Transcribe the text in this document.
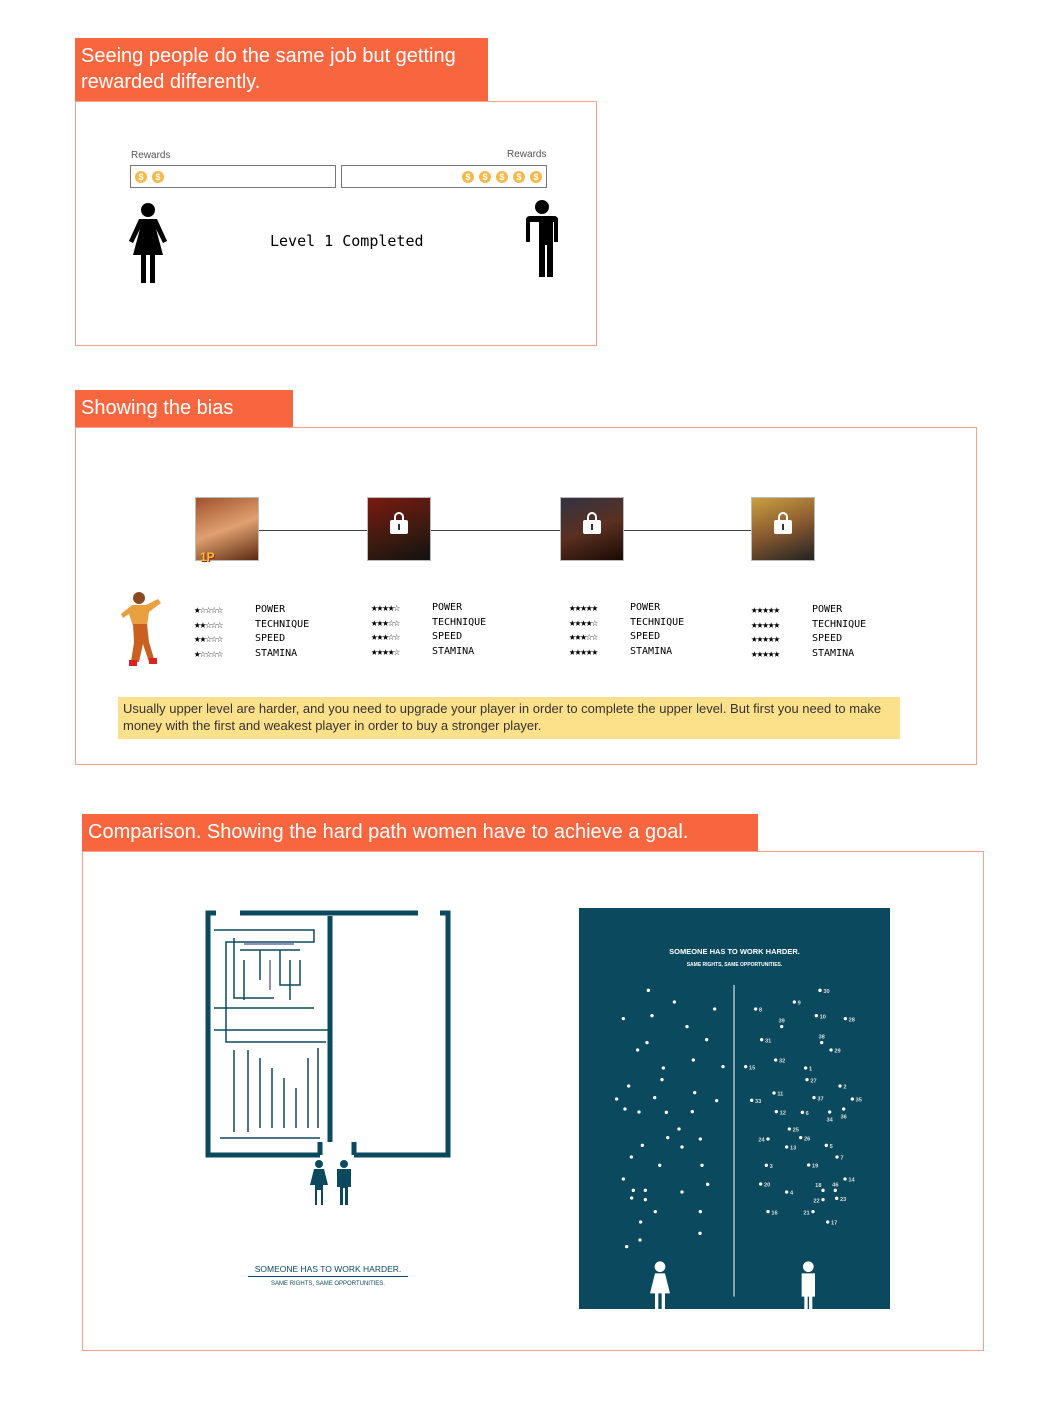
Seeing people do the same job but getting rewarded differently.
Rewards	Rewards
$	$	$	$	$	$	$
Level 1 Completed
Showing the bias
1P
★☆☆☆☆	POWER
★★☆☆☆	TECHNIQUE
★★☆☆☆	SPEED
★☆☆☆☆	STAMINA
★★★★☆	POWER
★★★☆☆	TECHNIQUE
★★★☆☆	SPEED
★★★★☆	STAMINA
★★★★★	POWER
★★★★☆	TECHNIQUE
★★★☆☆	SPEED
★★★★★	STAMINA
★★★★★	POWER
★★★★★	TECHNIQUE
★★★★★	SPEED
★★★★★	STAMINA
Usually upper level are harder, and you need to upgrade your player in order to complete the upper level. But first you need to make money with the first and weakest player in order to buy a stronger player.
Comparison. Showing the hard path women have to achieve a goal.
SOMEONE HAS TO WORK HARDER.
SAME RIGHTS, SAME OPPORTUNITIES.
SOMEONE HAS TO WORK HARDER.
SAME RIGHTS, SAME OPPORTUNITIES.
30
9
8
10 28
39
38
31
29
32
15	1
27
2
11
33	37 35
12 6
34 36
25
26
24
13 5
7
3 19
14
20	18 46
4
22 23
16 21
17
